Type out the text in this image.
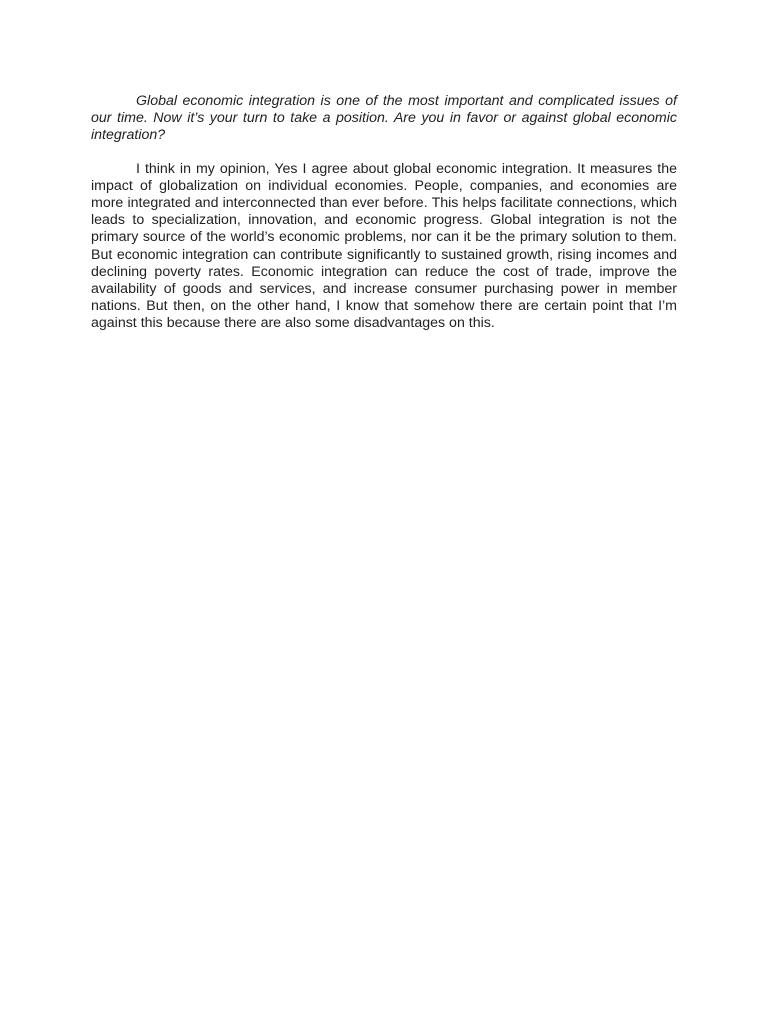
Global economic integration is one of the most important and complicated issues of our time. Now it’s your turn to take a position. Are you in favor or against global economic integration?

I think in my opinion, Yes I agree about global economic integration. It measures the impact of globalization on individual economies. People, companies, and economies are more integrated and interconnected than ever before. This helps facilitate connections, which leads to specialization, innovation, and economic progress. Global integration is not the primary source of the world’s economic problems, nor can it be the primary solution to them. But economic integration can contribute significantly to sustained growth, rising incomes and declining poverty rates. Economic integration can reduce the cost of trade, improve the availability of goods and services, and increase consumer purchasing power in member nations. But then, on the other hand, I know that somehow there are certain point that I’m against this because there are also some disadvantages on this.
